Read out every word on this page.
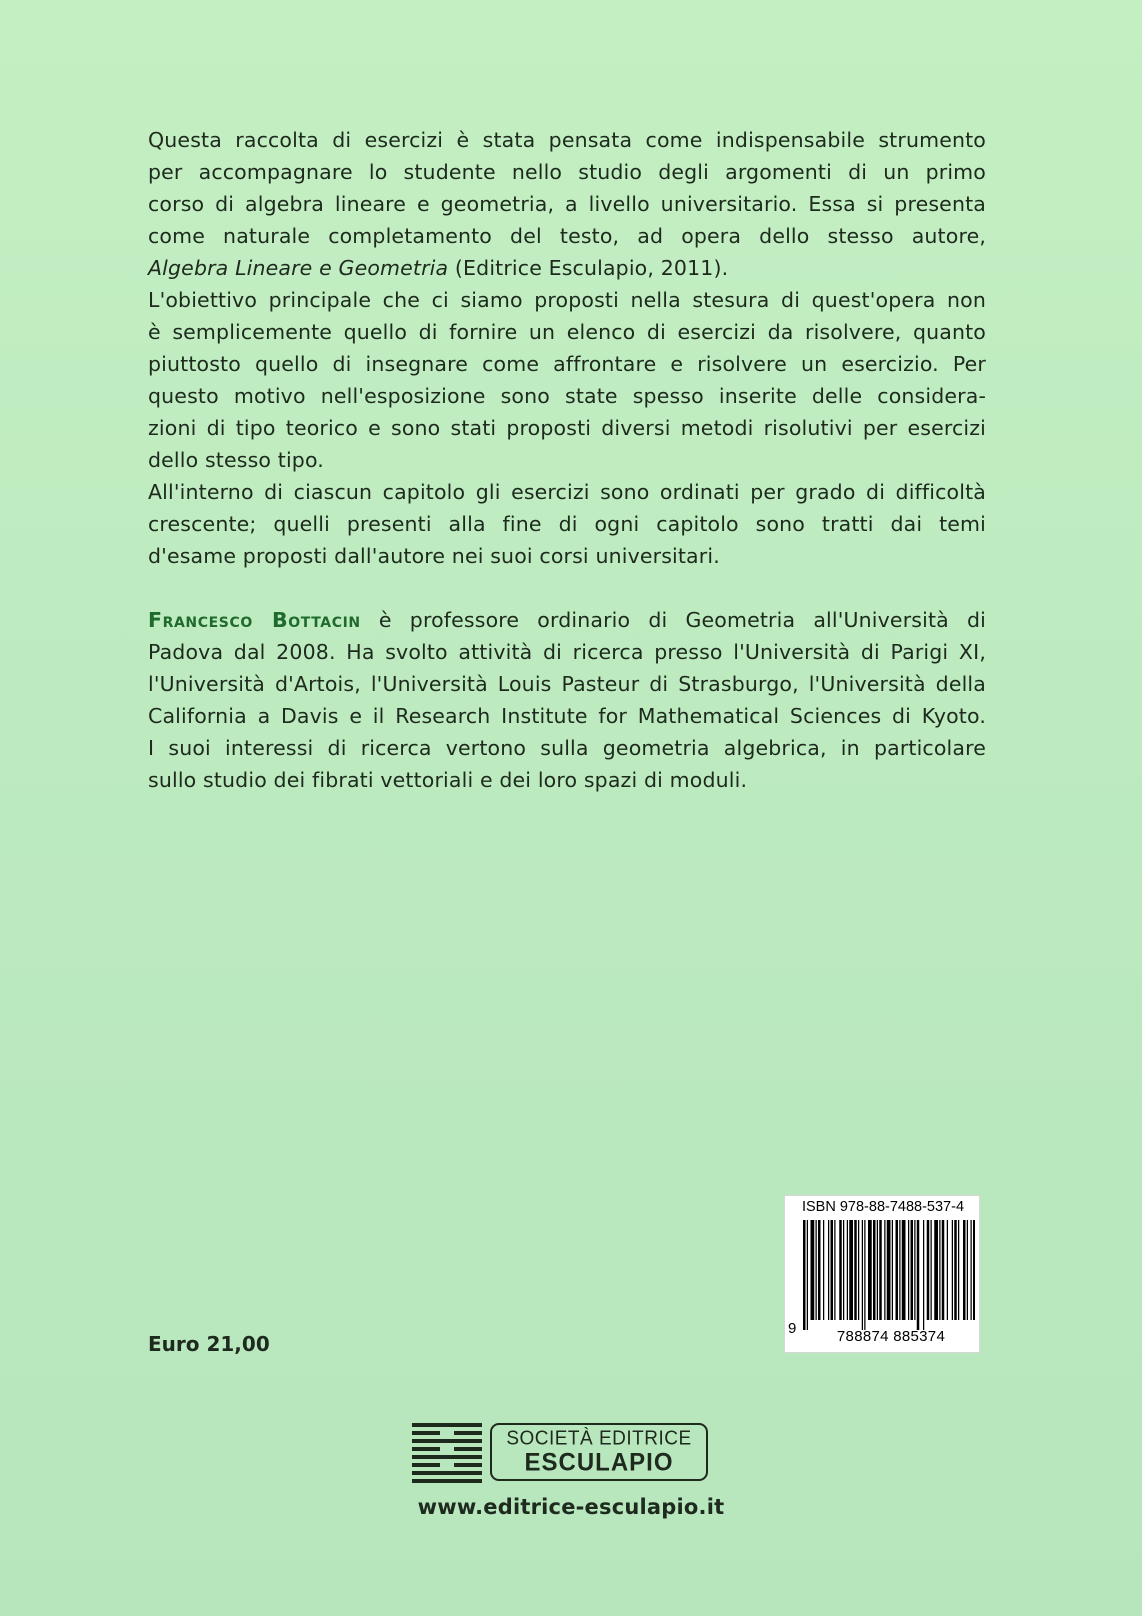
Questa raccolta di esercizi è stata pensata come indispensabile strumento
per accompagnare lo studente nello studio degli argomenti di un primo
corso di algebra lineare e geometria, a livello universitario. Essa si presenta
come naturale completamento del testo, ad opera dello stesso autore,
Algebra Lineare e Geometria (Editrice Esculapio, 2011).
L'obiettivo principale che ci siamo proposti nella stesura di quest'opera non
è semplicemente quello di fornire un elenco di esercizi da risolvere, quanto
piuttosto quello di insegnare come affrontare e risolvere un esercizio. Per
questo motivo nell'esposizione sono state spesso inserite delle considera-
zioni di tipo teorico e sono stati proposti diversi metodi risolutivi per esercizi
dello stesso tipo.
All'interno di ciascun capitolo gli esercizi sono ordinati per grado di difficoltà
crescente; quelli presenti alla fine di ogni capitolo sono tratti dai temi
d'esame proposti dall'autore nei suoi corsi universitari.
Francesco Bottacin è professore ordinario di Geometria all'Università di
Padova dal 2008. Ha svolto attività di ricerca presso l'Università di Parigi XI,
l'Università d'Artois, l'Università Louis Pasteur di Strasburgo, l'Università della
California a Davis e il Research Institute for Mathematical Sciences di Kyoto.
I suoi interessi di ricerca vertono sulla geometria algebrica, in particolare
sullo studio dei fibrati vettoriali e dei loro spazi di moduli.
Euro 21,00
ISBN 978-88-7488-537-4
9	788874 885374
SOCIETÀ EDITRICE
ESCULAPIO
www.editrice-esculapio.it
